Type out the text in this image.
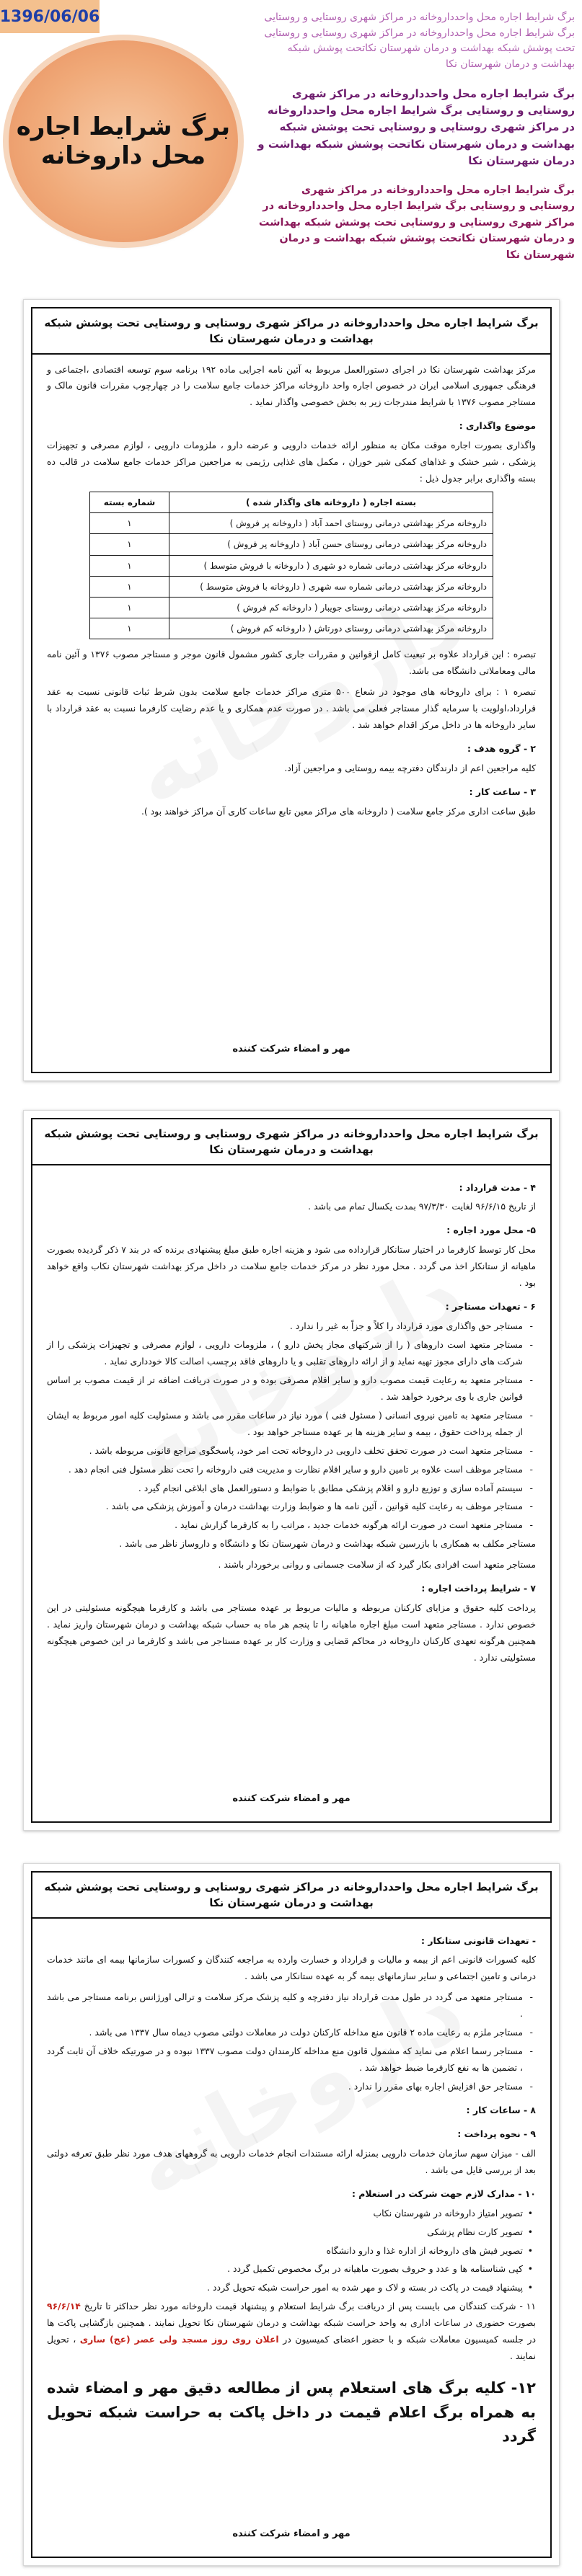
1396/06/06
برگ شرایط اجاره محل داروخانه

برگ شرایط اجاره محل واحدداروخانه در مراکز شهری روستایی و روستایی برگ شرایط اجاره محل واحدداروخانه در مراکز شهری روستایی و روستایی تحت پوشش شبکه بهداشت و درمان شهرستان نکاتحت پوشش شبکه بهداشت و درمان شهرستان نکا

برگ شرایط اجاره محل واحدداروخانه در مراکز شهری روستایی و روستایی برگ شرایط اجاره محل واحدداروخانه در مراکز شهری روستایی و روستایی تحت پوشش شبکه بهداشت و درمان شهرستان نکاتحت پوشش شبکه بهداشت و درمان شهرستان نکا

برگ شرایط اجاره محل واحدداروخانه در مراکز شهری روستایی و روستایی برگ شرایط اجاره محل واحدداروخانه در مراکز شهری روستایی و روستایی تحت پوشش شبکه بهداشت و درمان شهرستان نکاتحت پوشش شبکه بهداشت و درمان شهرستان نکا

برگ شرایط اجاره محل واحدداروخانه در مراکز شهری روستایی و روستایی تحت پوشش شبکه بهداشت و درمان شهرستان نکا

مرکز بهداشت شهرستان نکا در اجرای دستورالعمل مربوط به آئین نامه اجرایی ماده ۱۹۲ برنامه سوم توسعه اقتصادی ،اجتماعی و فرهنگی جمهوری اسلامی ایران در خصوص اجاره واحد داروخانه مراکز خدمات جامع سلامت را در چهارچوب مقررات قانون مالک و مستاجر مصوب ۱۳۷۶ با شرایط مندرجات زیر به بخش خصوصی واگذار نماید .

موضوع واگذاری :

واگذاری بصورت اجاره موقت مکان به منظور ارائه خدمات دارویی و عرضه دارو ، ملزومات دارویی ، لوازم مصرفی و تجهیزات پزشکی ، شیر خشک و غذاهای کمکی شیر خوران ، مکمل های غذایی رژیمی به مراجعین مراکز خدمات جامع سلامت در قالب ده بسته واگذاری برابر جدول ذیل :

بسته اجاره ( داروخانه های واگذار شده )	شماره بسته
داروخانه مرکز بهداشتی درمانی روستای احمد آباد ( داروخانه پر فروش )	۱
داروخانه مرکز بهداشتی درمانی روستای حسن آباد ( داروخانه پر فروش )	۱
داروخانه مرکز بهداشتی درمانی شماره دو شهری ( داروخانه با فروش متوسط )	۱
داروخانه مرکز بهداشتی درمانی شماره سه شهری ( داروخانه با فروش متوسط )	۱
داروخانه مرکز بهداشتی درمانی روستای جویبار ( داروخانه کم فروش )	۱
داروخانه مرکز بهداشتی درمانی روستای دورتاش ( داروخانه کم فروش )	۱

تبصره : این قرارداد علاوه بر تبعیت کامل ازقوانین و مقررات جاری کشور مشمول قانون موجر و مستاجر مصوب ۱۳۷۶ و آئین نامه مالی ومعاملاتی دانشگاه می باشد.

تبصره ۱ : برای داروخانه های موجود در شعاع ۵۰۰ متری مراکز خدمات جامع سلامت بدون شرط ثبات قانونی نسبت به عقد قرارداد،اولویت با سرمایه گذار مستاجر فعلی می باشد . در صورت عدم همکاری و یا عدم رضایت کارفرما نسبت به عقد قرارداد با سایر داروخانه ها در داخل مرکز اقدام خواهد شد .

۲ - گروه هدف :

کلیه مراجعین اعم از دارندگان دفترچه بیمه روستایی و مراجعین آزاد.

۳ - ساعت کار :

طبق ساعت اداری مرکز جامع سلامت ( داروخانه های مراکز معین تابع ساعات کاری آن مراکز خواهند بود ).

مهر و امضاء شرکت کننده
برگ شرایط اجاره محل واحدداروخانه در مراکز شهری روستایی و روستایی تحت پوشش شبکه بهداشت و درمان شهرستان نکا
۴ - مدت قرارداد :

از تاریخ ۹۶/۶/۱۵ لغایت ۹۷/۳/۳۰ بمدت یکسال تمام می باشد .

۵- محل مورد اجاره :

محل کار توسط کارفرما در اختیار ستانکار قرارداده می شود و هزینه اجاره طبق مبلغ پیشنهادی برنده که در بند ۷ ذکر گردیده بصورت ماهیانه از ستانکار اخذ می گردد . محل مورد نظر در مرکز خدمات جامع سلامت در داخل مرکز بهداشت شهرستان نکاب واقع خواهد بود .

۶ - تعهدات مستاجر :
- مستاجر حق واگذاری مورد قرارداد را کلاً و جزاً به غیر را ندارد .
- مستاجر متعهد است داروهای ( را از شرکتهای مجاز پخش دارو ) ، ملزومات دارویی ، لوازم مصرفی و تجهیزات پزشکی را از شرکت های دارای مجوز تهیه نماید و از ارائه داروهای تقلبی و یا داروهای فاقد برچسب اصالت کالا خودداری نماید .
- مستاجر متعهد به رعایت قیمت مصوب دارو و سایر اقلام مصرفی بوده و در صورت دریافت اضافه تر از قیمت مصوب بر اساس قوانین جاری با وی برخورد خواهد شد .
- مستاجر متعهد به تامین نیروی انسانی ( مسئول فنی ) مورد نیاز در ساعات مقرر می باشد و مسئولیت کلیه امور مربوط به ایشان از جمله پرداخت حقوق ، بیمه و سایر هزینه ها بر عهده مستاجر خواهد بود .
- مستاجر متعهد است در صورت تحقق تخلف دارویی در داروخانه تحت امر خود، پاسخگوی مراجع قانونی مربوطه باشد .
- مستاجر موظف است علاوه بر تامین دارو و سایر اقلام نظارت و مدیریت فنی داروخانه را تحت نظر مسئول فنی انجام دهد .
- سیستم آماده سازی و توزیع دارو و اقلام پزشکی مطابق با ضوابط و دستورالعمل های ابلاغی انجام گیرد .
- مستاجر موظف به رعایت کلیه قوانین ، آئین نامه ها و ضوابط وزارت بهداشت درمان و آموزش پزشکی می باشد .
- مستاجر متعهد است در صورت ارائه هرگونه خدمات جدید ، مراتب را به کارفرما گزارش نماید .

مستاجر مکلف به همکاری با بازرسین شبکه بهداشت و درمان شهرستان نکا و دانشگاه و داروساز ناظر می باشد .

مستاجر متعهد است افرادی بکار گیرد که از سلامت جسمانی و روانی برخوردار باشند .

۷ - شرایط پرداخت اجاره :

پرداخت کلیه حقوق و مزایای کارکنان مربوطه و مالیات مربوط بر عهده مستاجر می باشد و کارفرما هیچگونه مسئولیتی در این خصوص ندارد . مستاجر متعهد است مبلغ اجاره ماهیانه را تا پنجم هر ماه به حساب شبکه بهداشت و درمان شهرستان واریز نماید . همچنین هرگونه تعهدی کارکنان داروخانه در محاکم قضایی و وزارت کار بر عهده مستاجر می باشد و کارفرما در این خصوص هیچگونه مسئولیتی ندارد .

مهر و امضاء شرکت کننده
برگ شرایط اجاره محل واحدداروخانه در مراکز شهری روستایی و روستایی تحت پوشش شبکه بهداشت و درمان شهرستان نکا
- تعهدات قانونی ستانکار :

کلیه کسورات قانونی اعم از بیمه و مالیات و قرارداد و خسارت وارده به مراجعه کنندگان و کسورات سازمانها بیمه ای مانند خدمات درمانی و تامین اجتماعی و سایر سازمانهای بیمه گر به عهده ستانکار می باشد .

- مستاجر متعهد می گردد در طول مدت قرارداد نیاز دفترچه و کلیه پزشک مرکز سلامت و ترالی اورژانس برنامه مستاجر می باشد .
- مستاجر ملزم به رعایت ماده ۲ قانون منع مداخله کارکنان دولت در معاملات دولتی مصوب دیماه سال ۱۳۳۷ می باشد .
- مستاجر رسما اعلام می نماید که مشمول قانون منع مداخله کارمندان دولت مصوب ۱۳۳۷ نبوده و در صورتیکه خلاف آن ثابت گردد ، تضمین ها به نفع کارفرما ضبط خواهد شد .
- مستاجر حق افزایش اجاره بهای مقرر را ندارد .
۸ - ساعات کار :
۹ - نحوه پرداخت :

الف - میزان سهم سازمان خدمات دارویی بمنزله ارائه مستندات انجام خدمات دارویی به گروههای هدف مورد نظر طبق تعرفه دولتی بعد از بررسی فایل می باشد .

۱۰ - مدارک لازم جهت شرکت در استعلام :
• تصویر امتیاز داروخانه در شهرستان نکاب
• تصویر کارت نظام پزشکی
• تصویر فیش های داروخانه از اداره غذا و دارو دانشگاه
• کپی شناسنامه ها و عدد و حروف بصورت ماهیانه در برگ مخصوص تکمیل گردد .
• پیشنهاد قیمت در پاکت در بسته و لاک و مهر شده به امور حراست شبکه تحویل گردد .

۱۱ - شرکت کنندگان می بایست پس از دریافت برگ شرایط استعلام و پیشنهاد قیمت داروخانه مورد نظر حداکثر تا تاریخ ۹۶/۶/۱۴ بصورت حضوری در ساعات اداری به واحد حراست شبکه بهداشت و درمان شهرستان نکا تحویل نمایند . همچنین بازگشایی پاکت ها در جلسه کمیسیون معاملات شبکه و با حضور اعضای کمیسیون در اعلان روی روز مسجد ولی عصر (عج) ساری ، تحویل نمایند .

۱۲- کلیه برگ های استعلام پس از مطالعه دقیق مهر و امضاء شده به همراه برگ اعلام قیمت در داخل پاکت به حراست شبکه تحویل گردد
مهر و امضاء شرکت کننده
